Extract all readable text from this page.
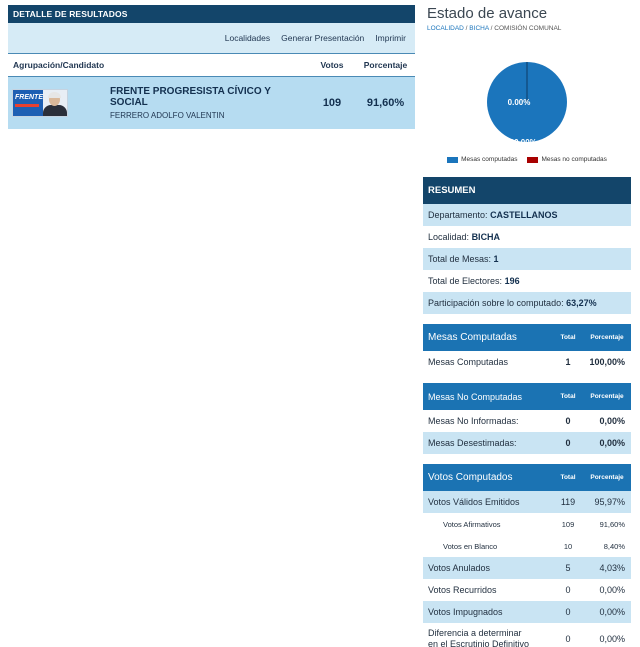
DETALLE DE RESULTADOS
Localidades Generar Presentación Imprimir
Agrupación/Candidato	Votos	Porcentaje
FRENTE
FRENTE PROGRESISTA CÍVICO Y SOCIAL
FERRERO ADOLFO VALENTIN
109	91,60%
Estado de avance
LOCALIDAD / BICHA / COMISIÓN COMUNAL
0.00%
100.00%
Mesas computadas	Mesas no computadas
RESUMEN
Departamento: CASTELLANOS
Localidad: BICHA
Total de Mesas: 1
Total de Electores: 196
Participación sobre lo computado: 63,27%
Mesas Computadas	Total	Porcentaje
Mesas Computadas	1	100,00%
Mesas No Computadas	Total	Porcentaje
Mesas No Informadas:	0	0,00%
Mesas Desestimadas:	0	0,00%
Votos Computados	Total	Porcentaje
Votos Válidos Emitidos	119	95,97%
Votos Afirmativos	109	91,60%
Votos en Blanco	10	8,40%
Votos Anulados	5	4,03%
Votos Recurridos	0	0,00%
Votos Impugnados	0	0,00%
Diferencia a determinar
en el Escrutinio Definitivo	0	0,00%
